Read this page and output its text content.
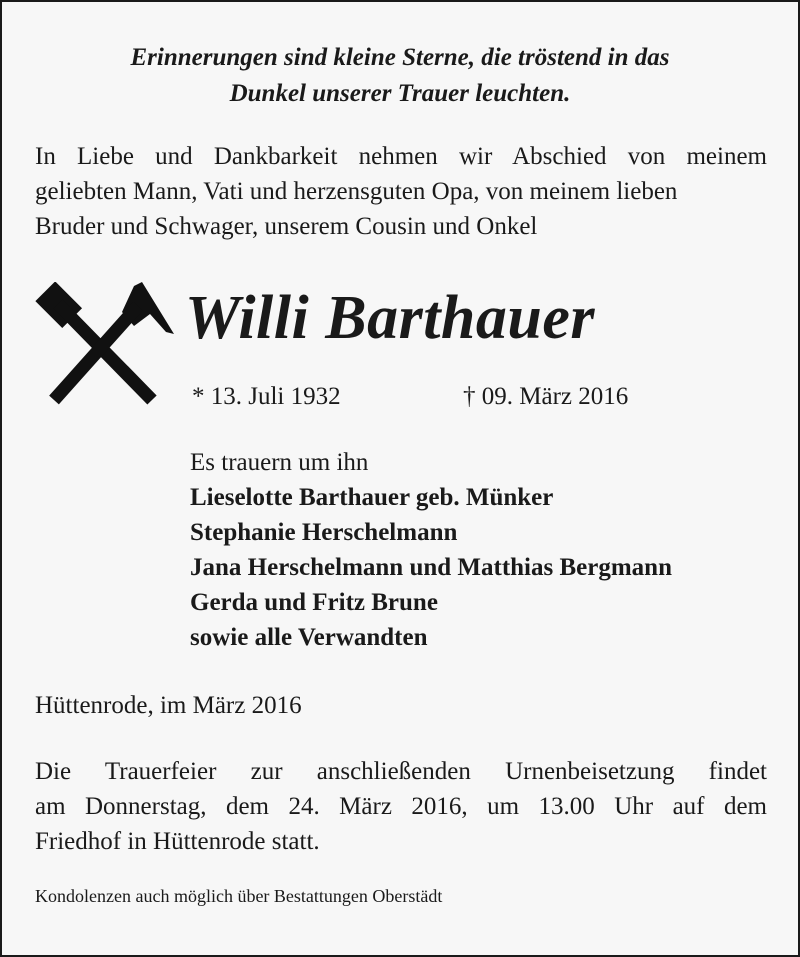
Erinnerungen sind kleine Sterne, die tröstend in das
Dunkel unserer Trauer leuchten.
In Liebe und Dankbarkeit nehmen wir Abschied von meinem
geliebten Mann, Vati und herzensguten Opa, von meinem lieben
Bruder und Schwager, unserem Cousin und Onkel
Willi Barthauer
* 13. Juli 1932	† 09. März 2016
Es trauern um ihn
Lieselotte Barthauer geb. Münker
Stephanie Herschelmann
Jana Herschelmann und Matthias Bergmann
Gerda und Fritz Brune
sowie alle Verwandten
Hüttenrode, im März 2016
Die Trauerfeier zur anschließenden Urnenbeisetzung findet
am Donnerstag, dem 24. März 2016, um 13.00 Uhr auf dem
Friedhof in Hüttenrode statt.
Kondolenzen auch möglich über Bestattungen Oberstädt
